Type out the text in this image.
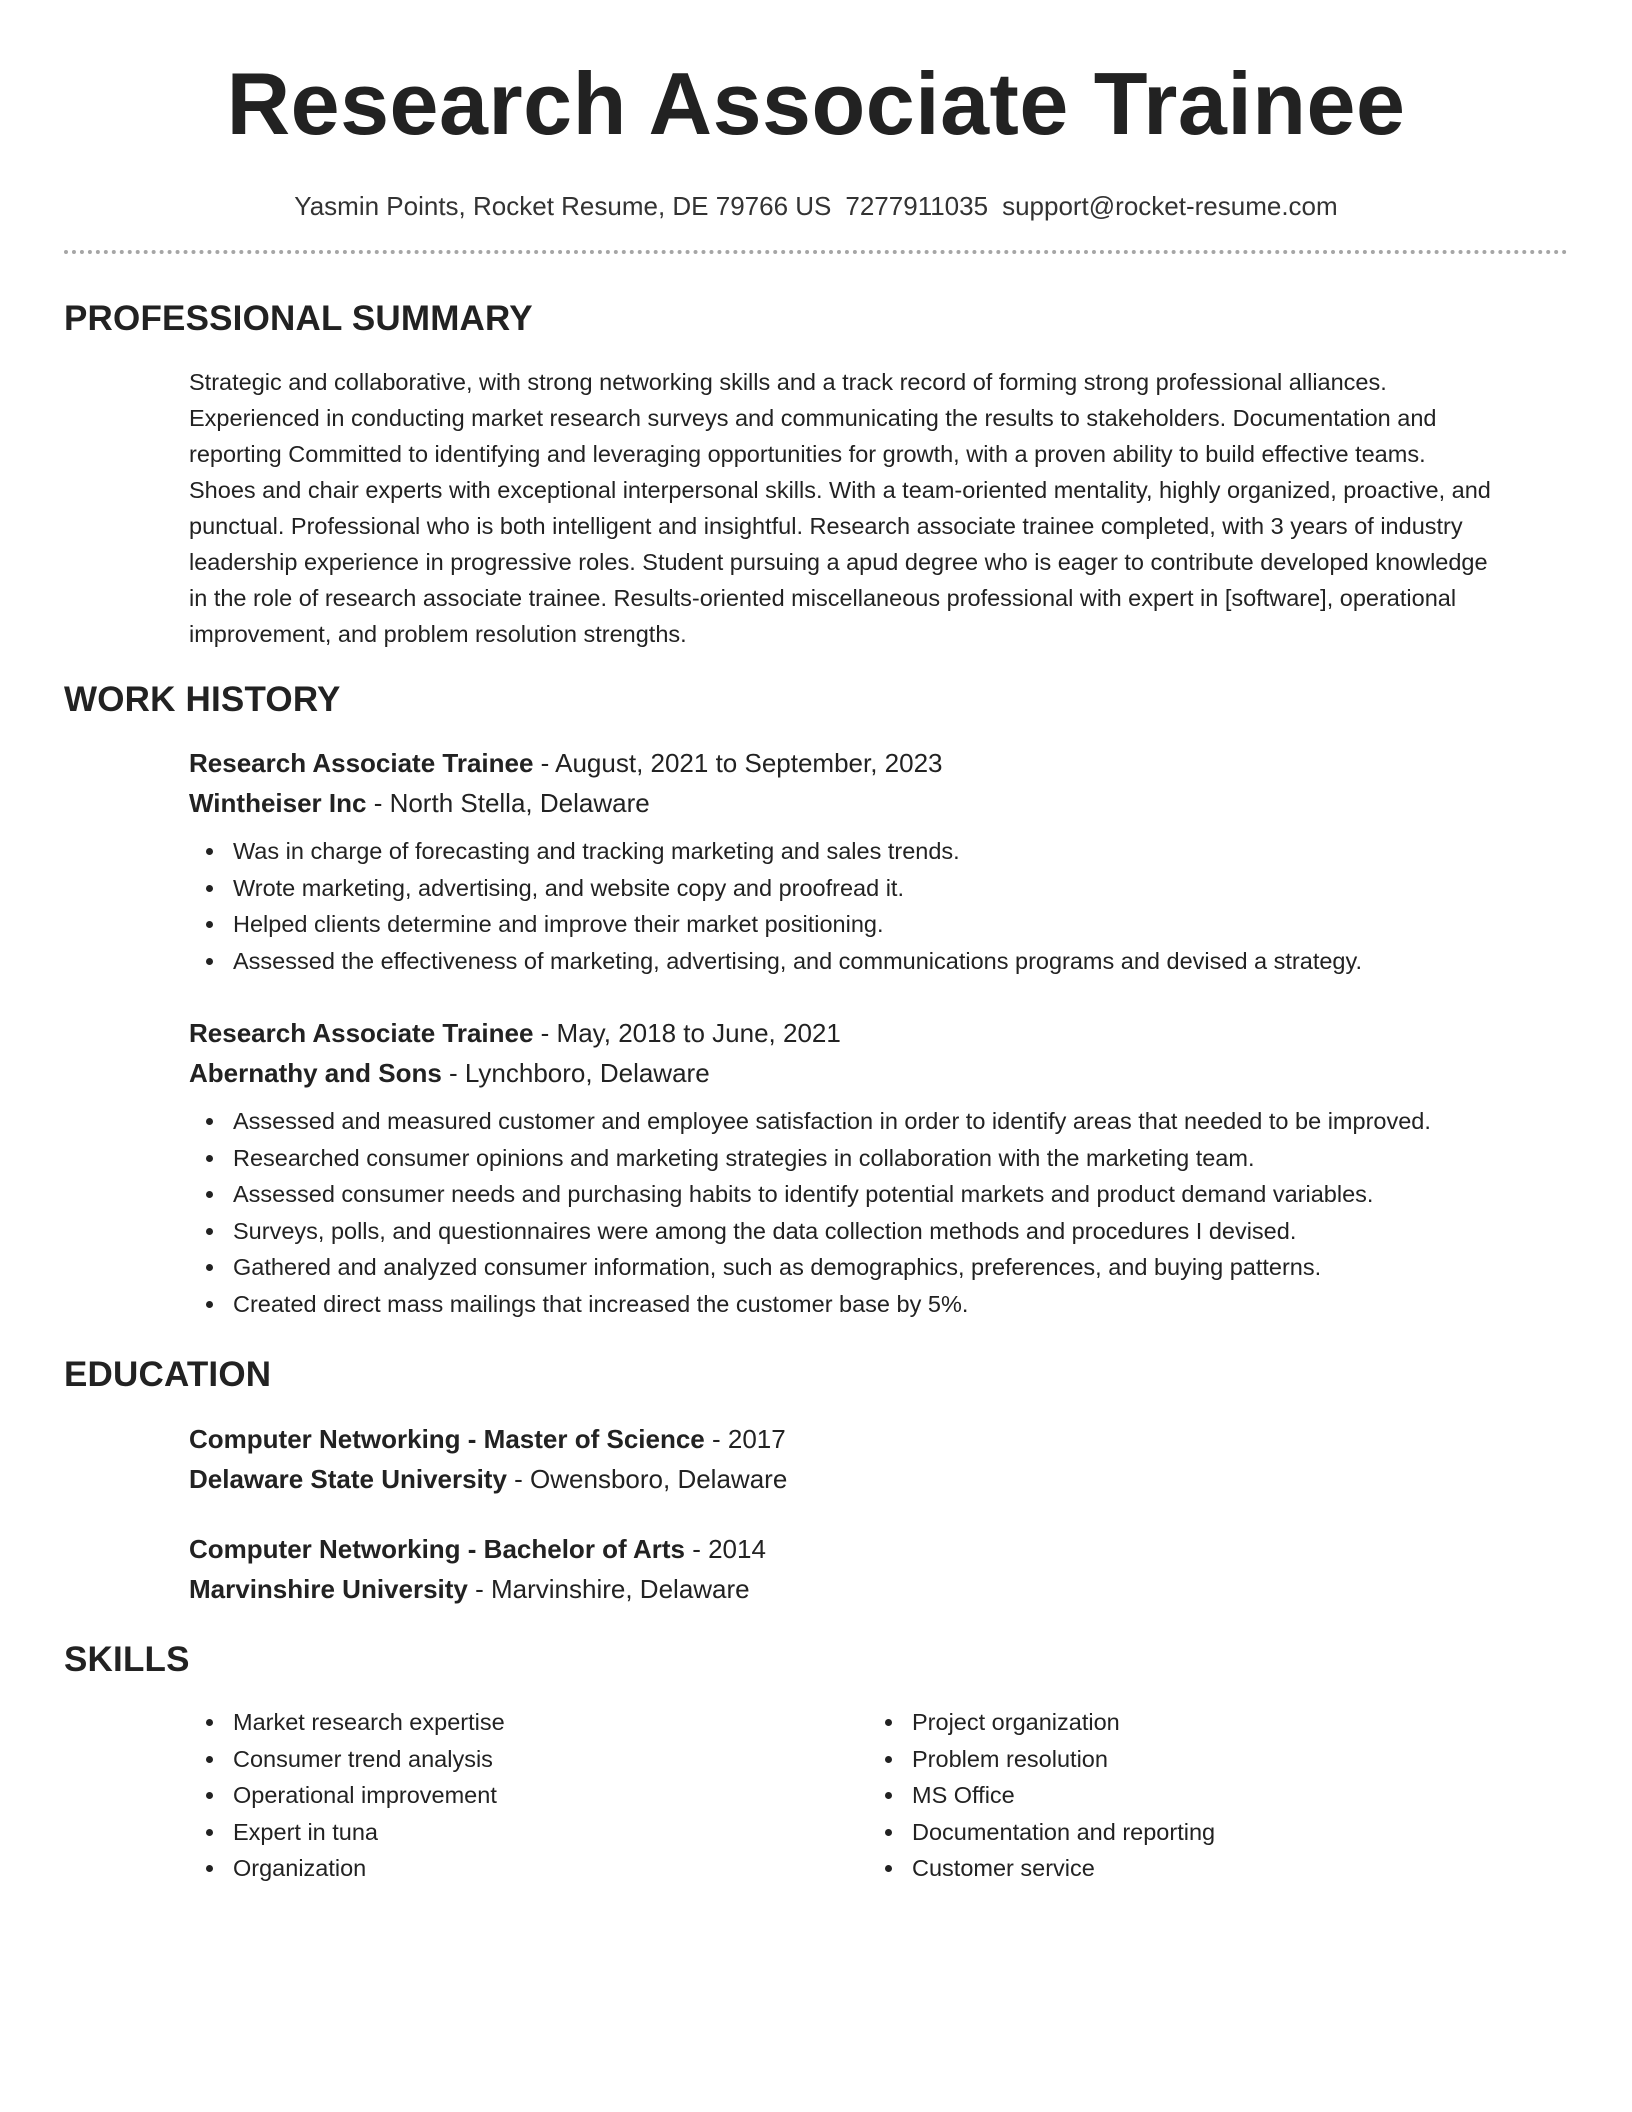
Research Associate Trainee
Yasmin Points, Rocket Resume, DE 79766 US 7277911035 support@rocket-resume.com
PROFESSIONAL SUMMARY
Strategic and collaborative, with strong networking skills and a track record of forming strong professional alliances.
Experienced in conducting market research surveys and communicating the results to stakeholders. Documentation and
reporting Committed to identifying and leveraging opportunities for growth, with a proven ability to build effective teams.
Shoes and chair experts with exceptional interpersonal skills. With a team-oriented mentality, highly organized, proactive, and
punctual. Professional who is both intelligent and insightful. Research associate trainee completed, with 3 years of industry
leadership experience in progressive roles. Student pursuing a apud degree who is eager to contribute developed knowledge
in the role of research associate trainee. Results-oriented miscellaneous professional with expert in [software], operational
improvement, and problem resolution strengths.
WORK HISTORY
Research Associate Trainee - August, 2021 to September, 2023
Wintheiser Inc - North Stella, Delaware
Was in charge of forecasting and tracking marketing and sales trends.
Wrote marketing, advertising, and website copy and proofread it.
Helped clients determine and improve their market positioning.
Assessed the effectiveness of marketing, advertising, and communications programs and devised a strategy.
Research Associate Trainee - May, 2018 to June, 2021
Abernathy and Sons - Lynchboro, Delaware
Assessed and measured customer and employee satisfaction in order to identify areas that needed to be improved.
Researched consumer opinions and marketing strategies in collaboration with the marketing team.
Assessed consumer needs and purchasing habits to identify potential markets and product demand variables.
Surveys, polls, and questionnaires were among the data collection methods and procedures I devised.
Gathered and analyzed consumer information, such as demographics, preferences, and buying patterns.
Created direct mass mailings that increased the customer base by 5%.
EDUCATION
Computer Networking - Master of Science - 2017
Delaware State University - Owensboro, Delaware
Computer Networking - Bachelor of Arts - 2014
Marvinshire University - Marvinshire, Delaware
SKILLS
Market research expertise
Consumer trend analysis
Operational improvement
Expert in tuna
Organization
Project organization
Problem resolution
MS Office
Documentation and reporting
Customer service
